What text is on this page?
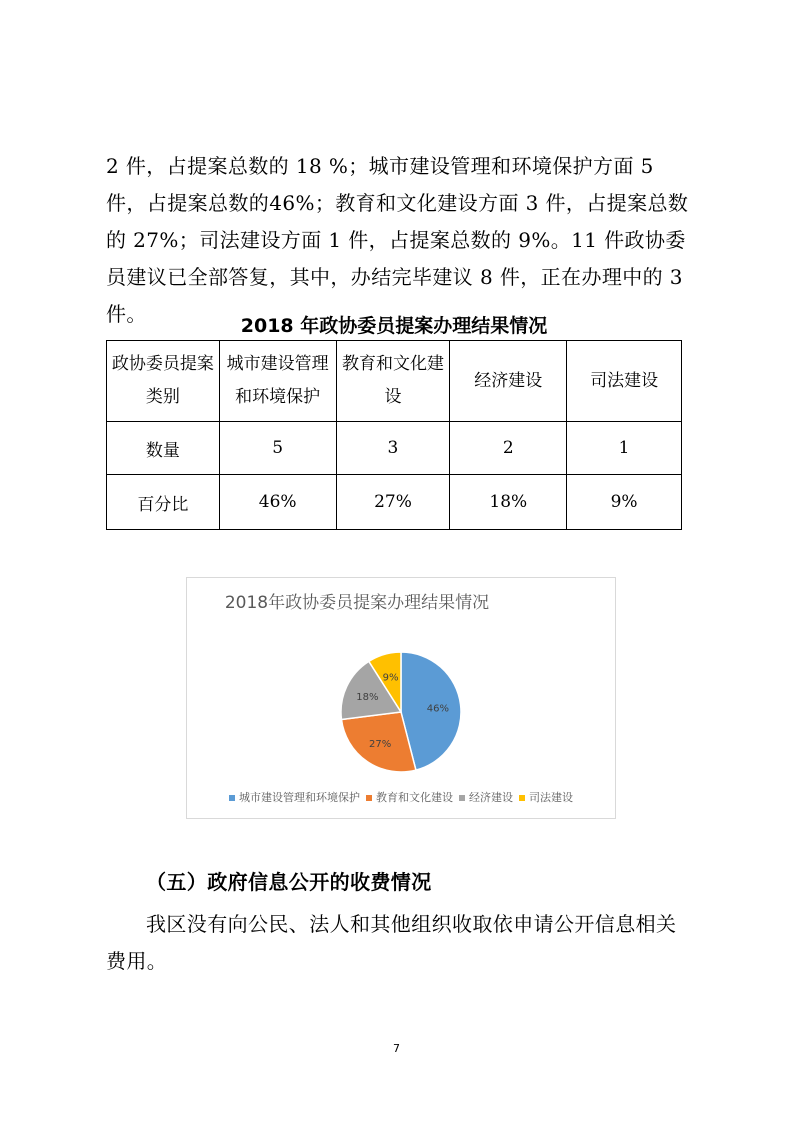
2 件，占提案总数的 18 %；城市建设管理和环境保护方面 5 件，占提案总数的46%；教育和文化建设方面 3 件，占提案总数的 27%；司法建设方面 1 件，占提案总数的 9%。11 件政协委员建议已全部答复，其中，办结完毕建议 8 件，正在办理中的 3 件。	2018 年政协委员提案办理结果情况
政协委员提案类别	城市建设管理和环境保护	教育和文化建设	经济建设	司法建设
数量	5	3	2	1
百分比	46%	27%	18%	9%
2018年政协委员提案办理结果情况
46%
27%
18%
9%
城市建设管理和环境保护 教育和文化建设 经济建设 司法建设
（五）政府信息公开的收费情况

我区没有向公民、法人和其他组织收取依申请公开信息相关费用。

7
